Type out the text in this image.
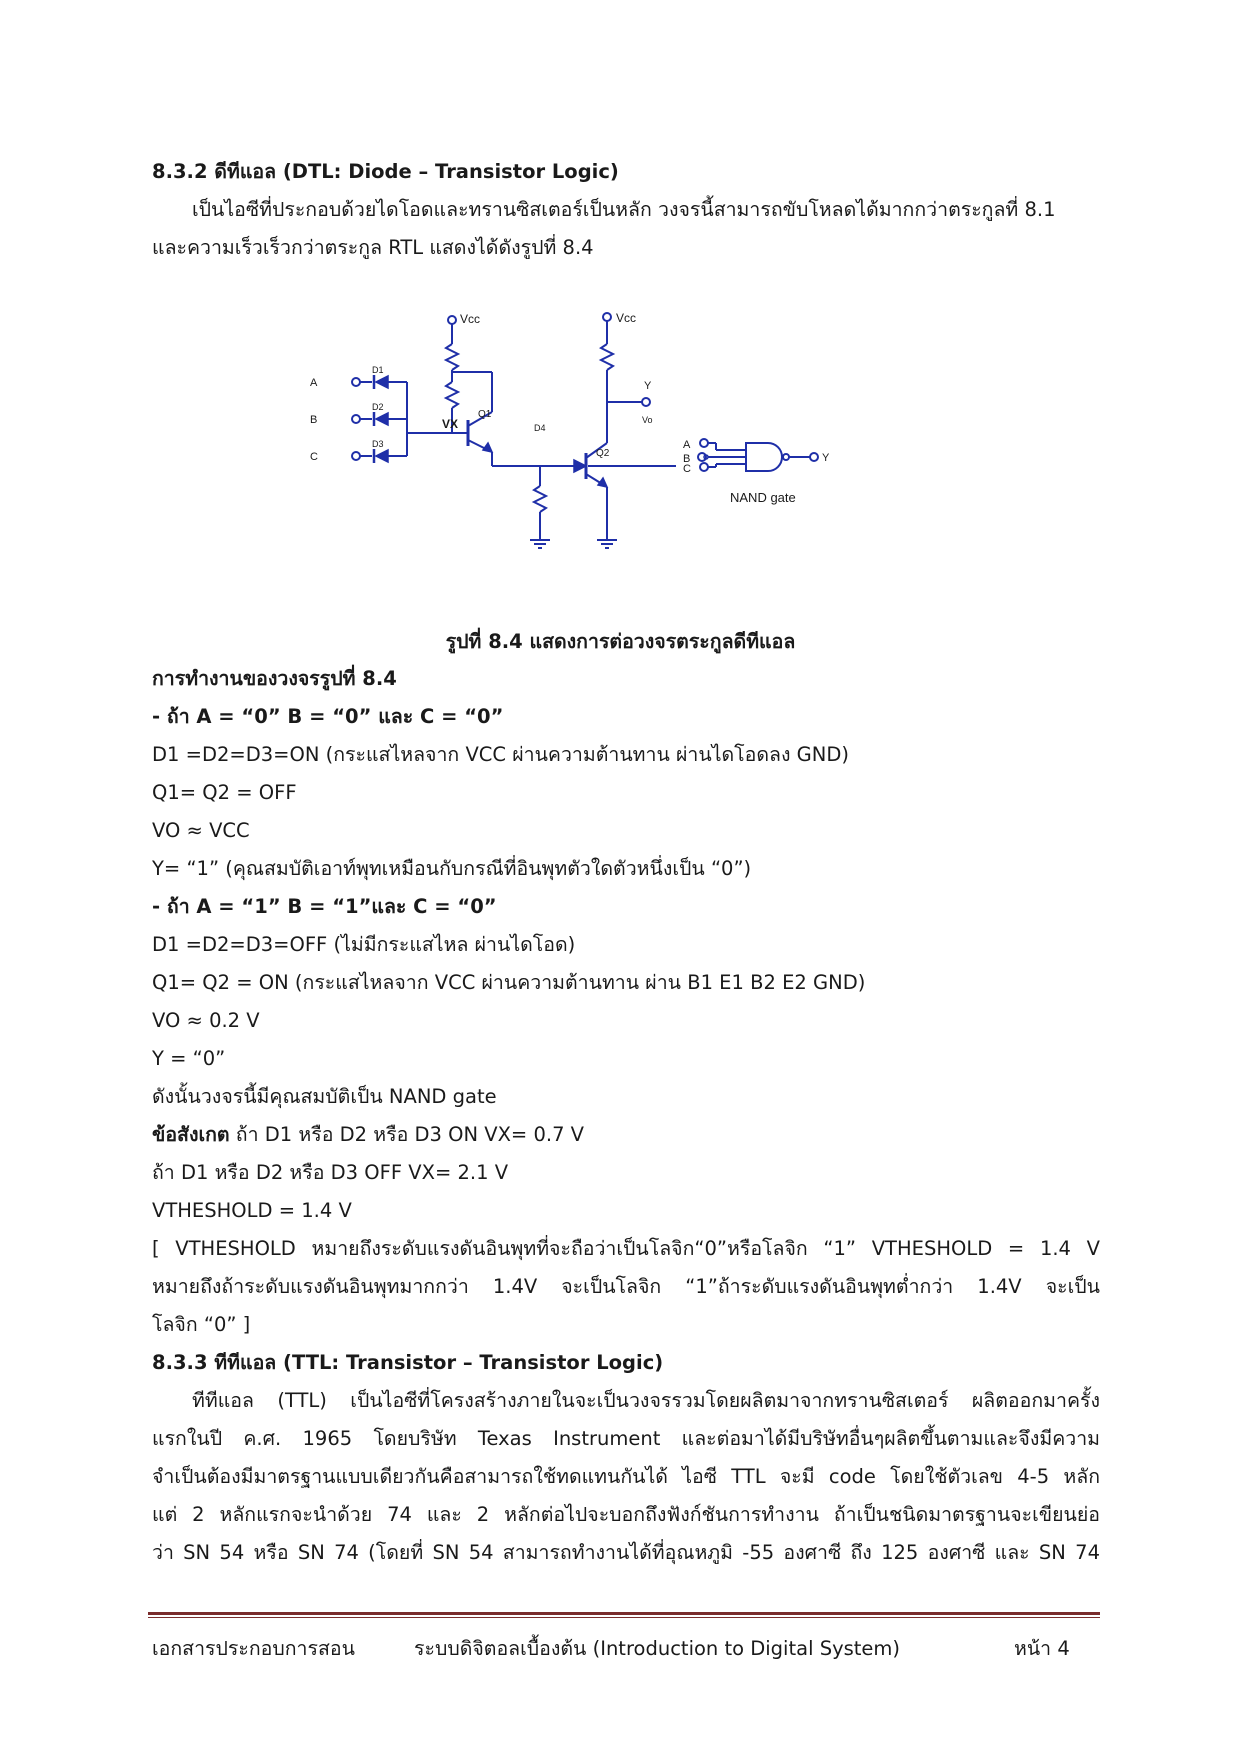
8.3.2 ดีทีแอล (DTL: Diode – Transistor Logic)
เป็นไอซีที่ประกอบด้วยไดโอดและทรานซิสเตอร์เป็นหลัก วงจรนี้สามารถขับโหลดได้มากกว่าตระกูลที่ 8.1
และความเร็วเร็วกว่าตระกูล RTL แสดงได้ดังรูปที่ 8.4
Vcc	Vcc
A
B
C
D1
D2
D3
D4
Q1
Q2
VX
Y
Vo
A
B
C
Y
NAND gate
รูปที่ 8.4 แสดงการต่อวงจรตระกูลดีทีแอล
การทำงานของวงจรรูปที่ 8.4
- ถ้า A = “0” B = “0” และ C = “0”
D1 =D2=D3=ON (กระแสไหลจาก VCC ผ่านความต้านทาน ผ่านไดโอดลง GND)
Q1= Q2 = OFF
VO ≈ VCC
Y= “1” (คุณสมบัติเอาท์พุทเหมือนกับกรณีที่อินพุทตัวใดตัวหนึ่งเป็น “0”)
- ถ้า A = “1” B = “1”และ C = “0”
D1 =D2=D3=OFF (ไม่มีกระแสไหล ผ่านไดโอด)
Q1= Q2 = ON (กระแสไหลจาก VCC ผ่านความต้านทาน ผ่าน B1 E1 B2 E2 GND)
VO ≈ 0.2 V
Y = “0”
ดังนั้นวงจรนี้มีคุณสมบัติเป็น NAND gate
ข้อสังเกต ถ้า D1 หรือ D2 หรือ D3 ON VX= 0.7 V
ถ้า D1 หรือ D2 หรือ D3 OFF VX= 2.1 V
VTHESHOLD = 1.4 V
[ VTHESHOLD หมายถึงระดับแรงดันอินพุทที่จะถือว่าเป็นโลจิก“0”หรือโลจิก “1” VTHESHOLD = 1.4 V
หมายถึงถ้าระดับแรงดันอินพุทมากกว่า 1.4V จะเป็นโลจิก “1”ถ้าระดับแรงดันอินพุทต่ำกว่า 1.4V จะเป็น
โลจิก “0” ]
8.3.3 ทีทีแอล (TTL: Transistor – Transistor Logic)
ทีทีแอล (TTL) เป็นไอซีที่โครงสร้างภายในจะเป็นวงจรรวมโดยผลิตมาจากทรานซิสเตอร์ ผลิตออกมาครั้ง
แรกในปี ค.ศ. 1965 โดยบริษัท Texas Instrument และต่อมาได้มีบริษัทอื่นๆผลิตขึ้นตามและจึงมีความ
จำเป็นต้องมีมาตรฐานแบบเดียวกันคือสามารถใช้ทดแทนกันได้ ไอซี TTL จะมี code โดยใช้ตัวเลข 4-5 หลัก
แต่ 2 หลักแรกจะนำด้วย 74 และ 2 หลักต่อไปจะบอกถึงฟังก์ชันการทำงาน ถ้าเป็นชนิดมาตรฐานจะเขียนย่อ
ว่า SN 54 หรือ SN 74 (โดยที่ SN 54 สามารถทำงานได้ที่อุณหภูมิ -55 องศาซี ถึง 125 องศาซี และ SN 74
เอกสารประกอบการสอน	ระบบดิจิตอลเบื้องต้น (Introduction to Digital System)	หน้า 4
